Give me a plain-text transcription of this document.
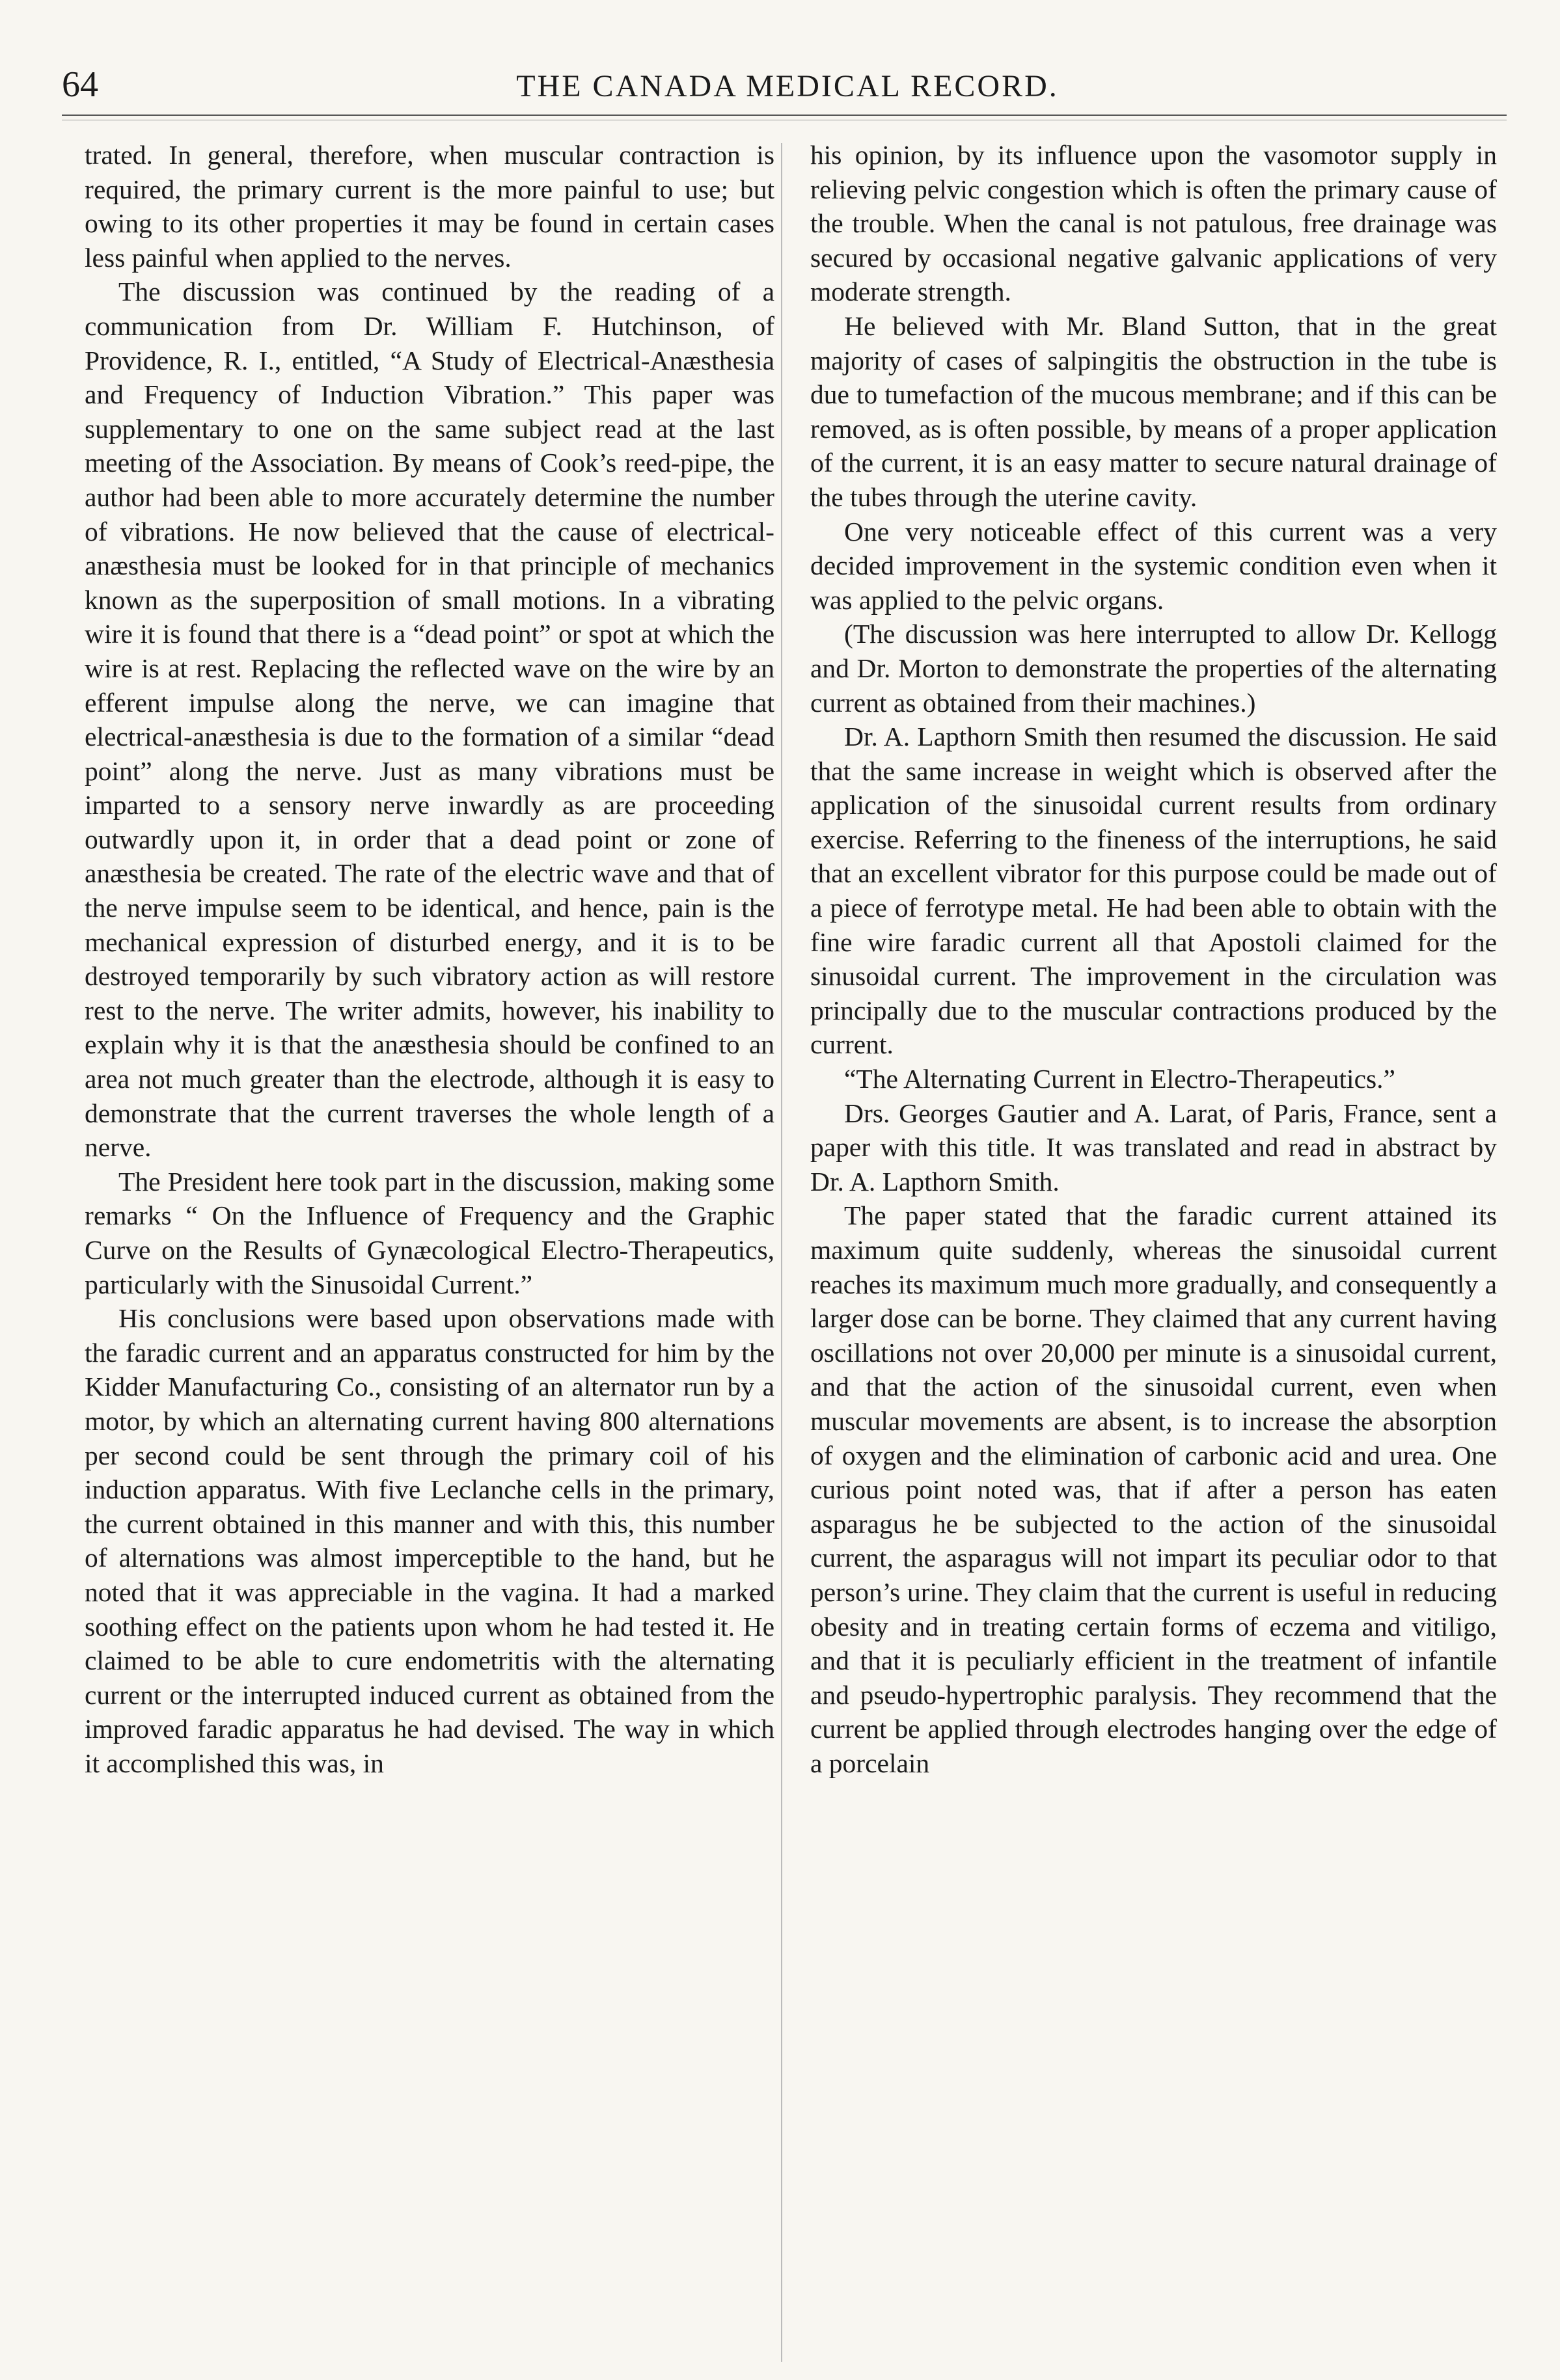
64	THE CANADA MEDICAL RECORD.

trated. In general, therefore, when muscular contraction is required, the primary current is the more painful to use; but owing to its other properties it may be found in certain cases less painful when applied to the nerves.

The discussion was continued by the reading of a communication from Dr. William F. Hutchinson, of Providence, R. I., entitled, “A Study of Electrical-Anæsthesia and Frequency of Induction Vibration.” This paper was supplementary to one on the same subject read at the last meeting of the Association. By means of Cook’s reed-pipe, the author had been able to more accurately determine the number of vibrations. He now believed that the cause of electrical-anæsthesia must be looked for in that principle of mechanics known as the superposition of small motions. In a vibrating wire it is found that there is a “dead point” or spot at which the wire is at rest. Replacing the reflected wave on the wire by an efferent impulse along the nerve, we can imagine that electrical-anæsthesia is due to the formation of a similar “dead point” along the nerve. Just as many vibrations must be imparted to a sensory nerve inwardly as are proceeding outwardly upon it, in order that a dead point or zone of anæsthesia be created. The rate of the electric wave and that of the nerve impulse seem to be identical, and hence, pain is the mechanical expression of disturbed energy, and it is to be destroyed temporarily by such vibratory action as will restore rest to the nerve. The writer admits, however, his inability to explain why it is that the anæsthesia should be confined to an area not much greater than the electrode, although it is easy to demonstrate that the current traverses the whole length of a nerve.

The President here took part in the discussion, making some remarks “ On the Influence of Frequency and the Graphic Curve on the Results of Gynæcological Electro-Therapeutics, particularly with the Sinusoidal Current.”

His conclusions were based upon observations made with the faradic current and an apparatus constructed for him by the Kidder Manufacturing Co., consisting of an alternator run by a motor, by which an alternating current having 800 alternations per second could be sent through the primary coil of his induction apparatus. With five Leclanche cells in the primary, the current obtained in this manner and with this, this number of alternations was almost imperceptible to the hand, but he noted that it was appreciable in the vagina. It had a marked soothing effect on the patients upon whom he had tested it. He claimed to be able to cure endometritis with the alternating current or the interrupted induced current as obtained from the improved faradic apparatus he had devised. The way in which it accomplished this was, in

his opinion, by its influence upon the vasomotor supply in relieving pelvic congestion which is often the primary cause of the trouble. When the canal is not patulous, free drainage was secured by occasional negative galvanic applications of very moderate strength.

He believed with Mr. Bland Sutton, that in the great majority of cases of salpingitis the obstruction in the tube is due to tumefaction of the mucous membrane; and if this can be removed, as is often possible, by means of a proper application of the current, it is an easy matter to secure natural drainage of the tubes through the uterine cavity.

One very noticeable effect of this current was a very decided improvement in the systemic condition even when it was applied to the pelvic organs.

(The discussion was here interrupted to allow Dr. Kellogg and Dr. Morton to demonstrate the properties of the alternating current as obtained from their machines.)

Dr. A. Lapthorn Smith then resumed the discussion. He said that the same increase in weight which is observed after the application of the sinusoidal current results from ordinary exercise. Referring to the fineness of the interruptions, he said that an excellent vibrator for this purpose could be made out of a piece of ferrotype metal. He had been able to obtain with the fine wire faradic current all that Apostoli claimed for the sinusoidal current. The improvement in the circulation was principally due to the muscular contractions produced by the current.

“The Alternating Current in Electro-Therapeutics.”

Drs. Georges Gautier and A. Larat, of Paris, France, sent a paper with this title. It was translated and read in abstract by Dr. A. Lapthorn Smith.

The paper stated that the faradic current attained its maximum quite suddenly, whereas the sinusoidal current reaches its maximum much more gradually, and consequently a larger dose can be borne. They claimed that any current having oscillations not over 20,000 per minute is a sinusoidal current, and that the action of the sinusoidal current, even when muscular movements are absent, is to increase the absorption of oxygen and the elimination of carbonic acid and urea. One curious point noted was, that if after a person has eaten asparagus he be subjected to the action of the sinusoidal current, the asparagus will not impart its peculiar odor to that person’s urine. They claim that the current is useful in reducing obesity and in treating certain forms of eczema and vitiligo, and that it is peculiarly efficient in the treatment of infantile and pseudo-hypertrophic paralysis. They recommend that the current be applied through electrodes hanging over the edge of a porcelain
